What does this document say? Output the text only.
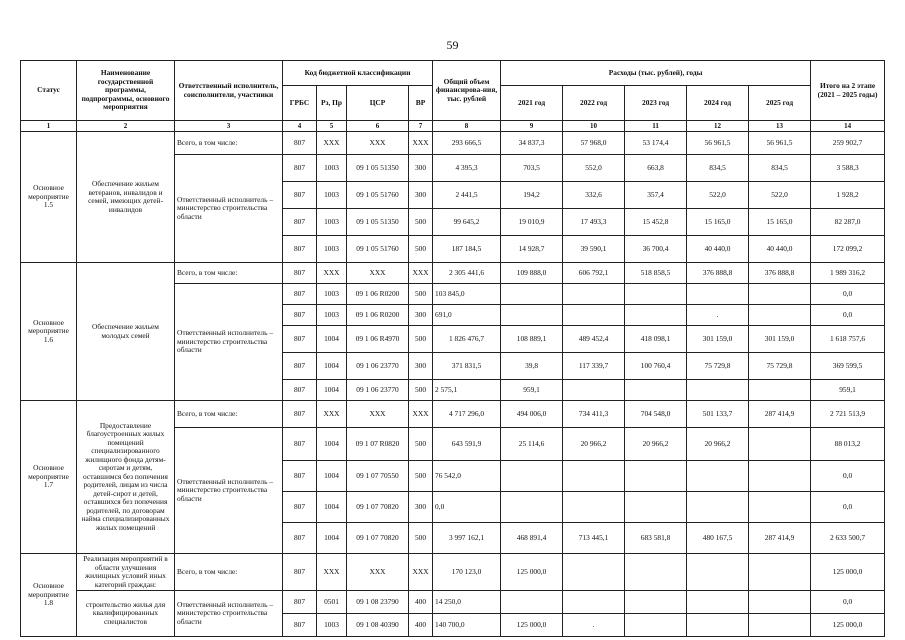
59
Статус	Наименование государственной программы, подпрограммы, основного мероприятия	Ответственный исполнитель, соисполнители, участники	Код бюджетной классификации				Общий объем финансирова-ния, тыс. рублей	Расходы (тыс. рублей), годы					Итого на 2 этапе (2021 – 2025 годы)
			ГРБС	Рз, Пр	ЦСР	ВР		2021 год	2022 год	2023 год	2024 год	2025 год	
1	2	3	4	5	6	7	8	9	10	11	12	13	14
Основное мероприятие 1.5	Обеспечение жильем ветеранов, инвалидов и семей, имеющих детей-инвалидов	Всего, в том числе:	807	XXX	XXX	XXX	293 666,5	34 837,3	57 968,0	53 174,4	56 961,5	56 961,5	259 902,7
		Ответственный исполнитель – министерство строительства области	807	1003	09 1 05 51350	300	4 395,3	703,5	552,0	663,8	834,5	834,5	3 588,3
			807	1003	09 1 05 51760	300	2 441,5	194,2	332,6	357,4	522,0	522,0	1 928,2
			807	1003	09 1 05 51350	500	99 645,2	19 010,9	17 493,3	15 452,8	15 165,0	15 165,0	82 287,0
			807	1003	09 1 05 51760	500	187 184,5	14 928,7	39 590,1	36 700,4	40 440,0	40 440,0	172 099,2
Основное мероприятие 1.6	Обеспечение жильем молодых семей	Всего, в том числе:	807	XXX	XXX	XXX	2 305 441,6	109 888,0	606 792,1	518 858,5	376 888,8	376 888,8	1 989 316,2
		Ответственный исполнитель – министерство строительства области	807	1003	09 1 06 R0200	500	103 845,0						0,0
			807	1003	09 1 06 R0200	300	691,0				.		0,0
			807	1004	09 1 06 R4970	500	1 826 476,7	108 889,1	489 452,4	418 098,1	301 159,0	301 159,0	1 618 757,6
			807	1004	09 1 06 23770	300	371 831,5	39,8	117 339,7	100 760,4	75 729,8	75 729,8	369 599,5
			807	1004	09 1 06 23770	500	2 575,1	959,1					959,1
Основное мероприятие 1.7	Предоставление благоустроенных жилых помещений специализированного жилищного фонда детям-сиротам и детям, оставшимся без попечения родителей, лицам из числа детей-сирот и детей, оставшихся без попечения родителей, по договорам найма специализированных жилых помещений	Всего, в том числе:	807	XXX	XXX	XXX	4 717 296,0	494 006,0	734 411,3	704 548,0	501 133,7	287 414,9	2 721 513,9
		Ответственный исполнитель – министерство строительства области	807	1004	09 1 07 R0820	500	643 591,9	25 114,6	20 966,2	20 966,2	20 966,2		88 013,2
			807	1004	09 1 07 70550	500	76 542,0						0,0
			807	1004	09 1 07 70820	300	0,0						0,0
			807	1004	09 1 07 70820	500	3 997 162,1	468 891,4	713 445,1	683 581,8	480 167,5	287 414,9	2 633 500,7
Основное мероприятие 1.8	Реализация мероприятий в области улучшения жилищных условий иных категорий граждан:	Всего, в том числе:	807	XXX	XXX	XXX	170 123,0	125 000,0					125 000,0
	строительство жилья для квалифицированных специалистов	Ответственный исполнитель – министерство строительства области	807	0501	09 1 08 23790	400	14 250,0						0,0
			807	1003	09 1 08 40390	400	140 700,0	125 000,0	.				125 000,0
